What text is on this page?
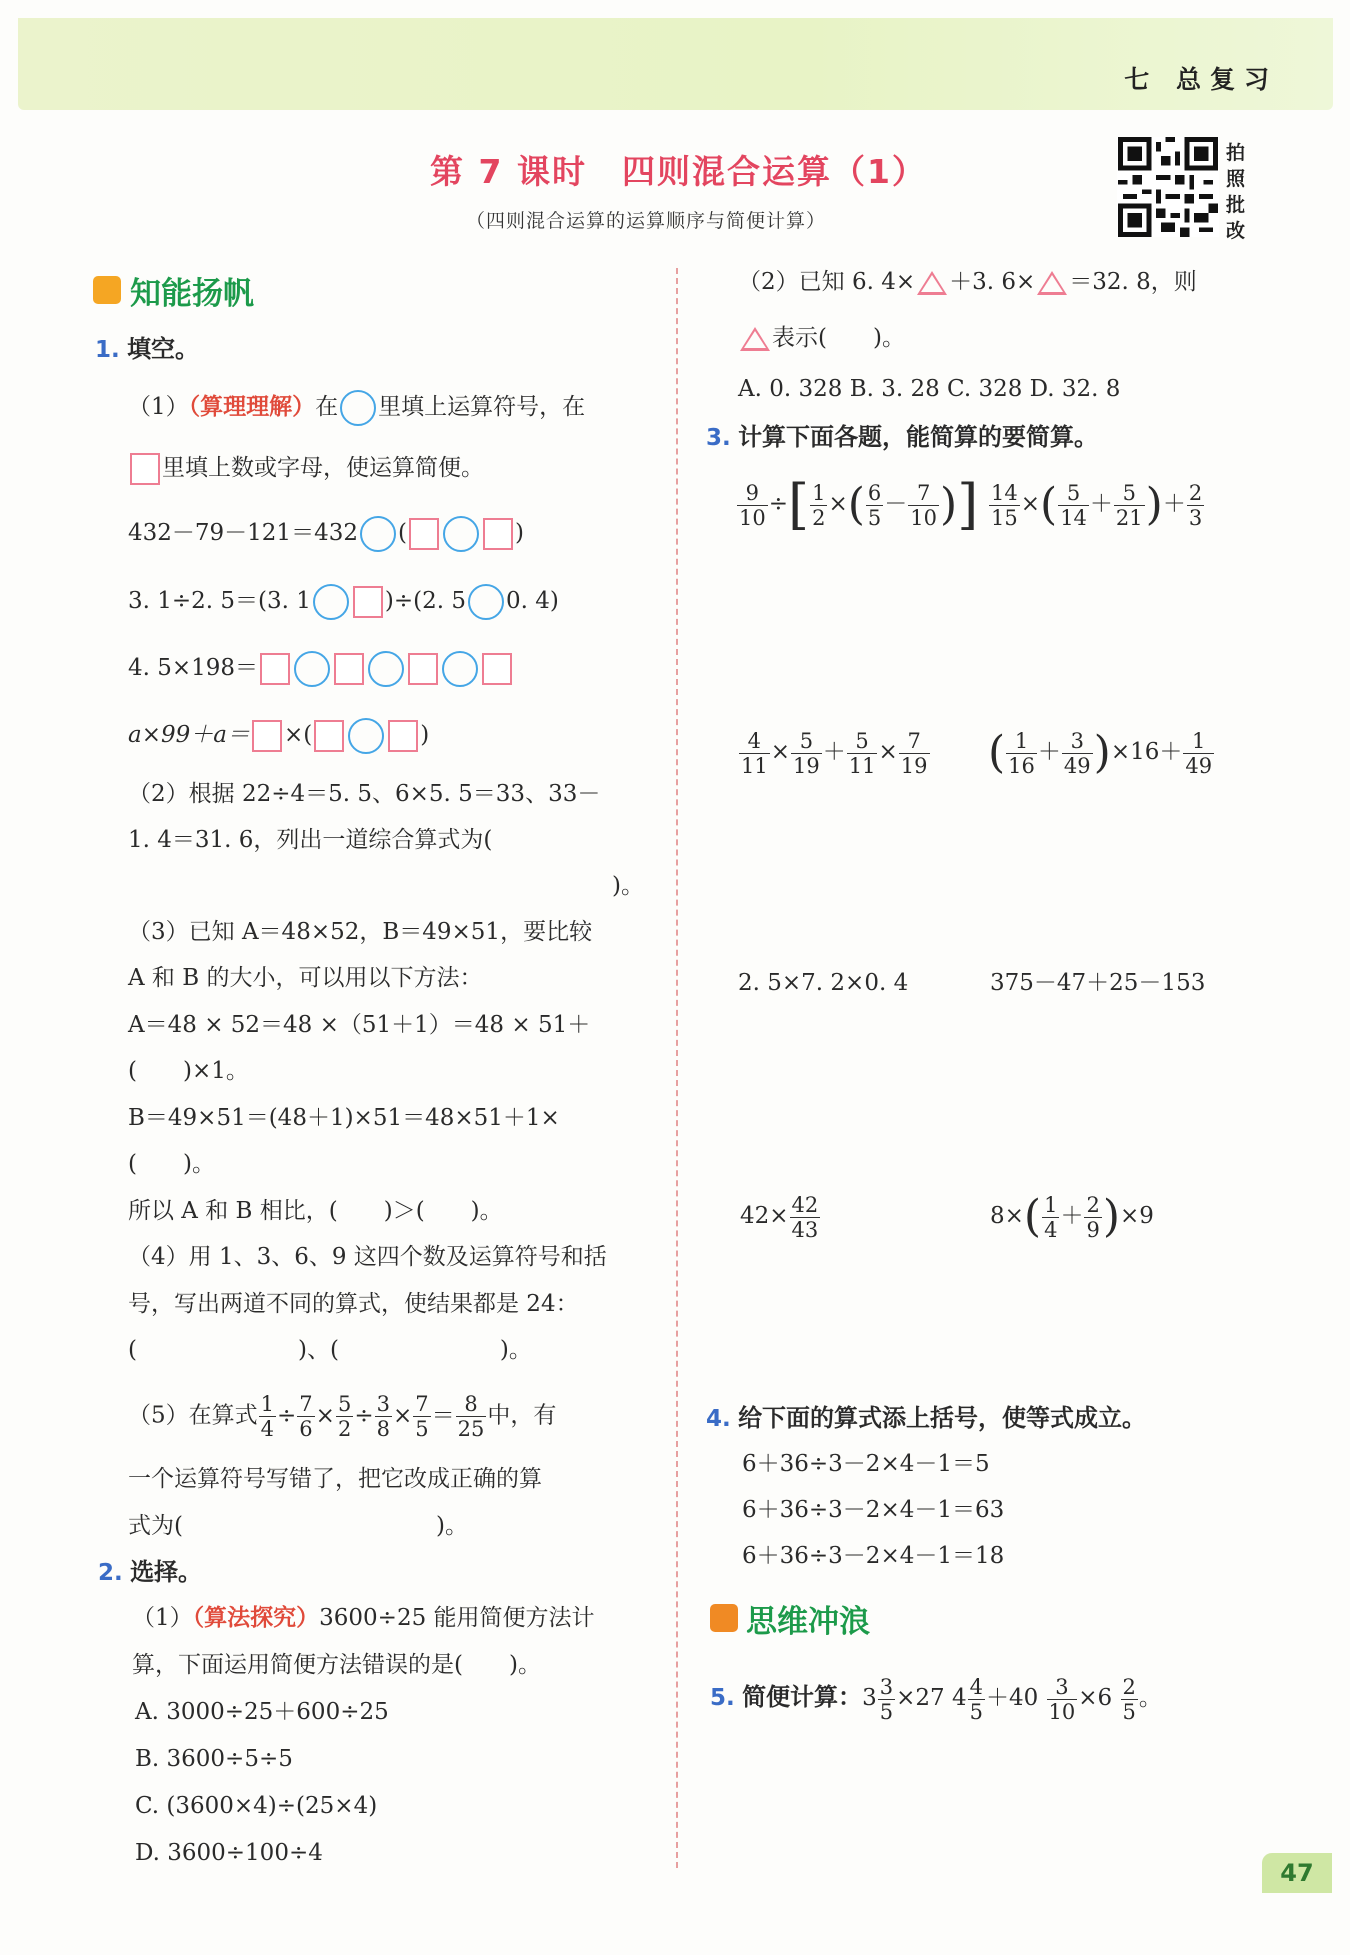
七 总复习
第 7 课时　四则混合运算（1）
（四则混合运算的运算顺序与简便计算）
拍照批改
知能扬帆
1. 填空。
（1）（算理理解）在 里填上运算符号，在
里填上数或字母，使运算简便。
432－79－121＝432 (	)
3. 1÷2. 5＝(3. 1	)÷(2. 5 0. 4)
4. 5×198＝
a×99＋a＝ ×(	)
（2）根据 22÷4＝5. 5、6×5. 5＝33、33－
1. 4＝31. 6，列出一道综合算式为(
)。
（3）已知 A＝48×52，B＝49×51，要比较
A 和 B 的大小，可以用以下方法：
A＝48 × 52＝48 ×（51＋1）＝48 × 51＋
(　　)×1。
B＝49×51＝(48＋1)×51＝48×51＋1×
(　　)。
所以 A 和 B 相比，(　　)＞(　　)。
（4）用 1、3、6、9 这四个数及运算符号和括
号，写出两道不同的算式，使结果都是 24：
(　　　　　　　)、(　　　　　　　)。
（5）在算式 $\frac{1}{4} \div \frac{7}{6} \times \frac{5}{2} \div \frac{3}{8} \times \frac{7}{5} = \frac{8}{25}$ 中，有
一个运算符号写错了，把它改成正确的算
式为(　　　　　　　　　　　)。
2. 选择。
（1）（算法探究）3600÷25 能用简便方法计
算，下面运用简便方法错误的是(　　)。
A. 3000÷25＋600÷25
B. 3600÷5÷5
C. (3600×4)÷(25×4)
D. 3600÷100÷4
（2）已知 6. 4× ＋3. 6× ＝32. 8，则
表示(　　)。
A. 0. 328 B. 3. 28 C. 328 D. 32. 8
3. 计算下面各题，能简算的要简算。
$\frac{9}{10}$ ÷[ $\frac{1}{2}$ ×( $\frac{6}{5} - \frac{7}{10}$ )] $\frac{14}{15}$ ×( $\frac{5}{14} + \frac{5}{21}$ )＋ $\frac{2}{3}$
$\frac{4}{11} \times \frac{5}{19} + \frac{5}{11} \times \frac{7}{19}$ ( $\frac{1}{16} + \frac{3}{49} )\times 16+ \frac{1}{49}$
2. 5×7. 2×0. 4	375－47＋25－153
$42\times \frac{42}{43}$	$8\times( \frac{1}{4} + \frac{2}{9} )\times 9$
4. 给下面的算式添上括号，使等式成立。
6＋36÷3－2×4－1＝5
6＋36÷3－2×4－1＝63
6＋36÷3－2×4－1＝18
思维冲浪
5. 简便计算：$3 \frac{3}{5} \times 27$ $4 \frac{4}{5} +40 \frac{3}{10} \times 6 \frac{2}{5}$ 。
47
